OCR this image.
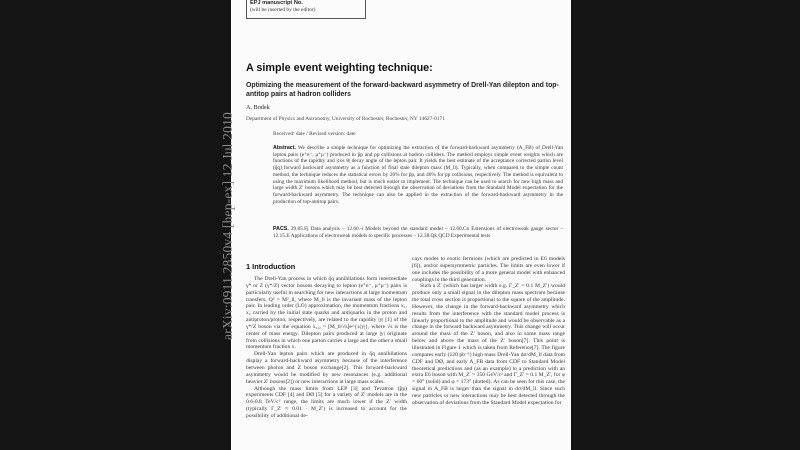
EPJ manuscript No.
(will be inserted by the editor)
A simple event weighting technique:
Optimizing the measurement of the forward-backward asymmetry of Drell-Yan dilepton and top-antitop pairs at hadron colliders
A. Bodek
Department of Physics and Astronomy, University of Rochester, Rochester, NY 14627-0171
Received: date / Revised version: date
Abstract. We describe a simple technique for optimizing the extraction of the forward-backward asymmetry (A_FB) of Drell-Yan lepton pairs (e⁺e⁻, μ⁺μ⁻) produced in p̄p and pp collisions at hadron colliders. The method employs simple event weights which are functions of the rapidity and |cos θ| decay angle of the lepton pair. It yields the best estimate of the acceptance corrected parton level (q̄q) forward backward asymmetry as a function of final state dilepton mass (M_ll). Typically, when compared to the simple count method, the technique reduces the statistical errors by 20% for p̄p, and 40% for pp collisions, respectively. The method is equivalent to using the maximum likelihood method, but is much easier to implement. The technique can be used to search for new high mass and large width Z′ bosons which may be best detected through the observation of deviations from the Standard Model expectation for the forward-backward asymmetry. The technique can also be applied in the extraction of the forward-backward asymmetry in the production of top-antitop pairs.
PACS. 29.85.Fj Data analysis – 12.60.-i Models beyond the standard model – 12.60.Cn Extensions of electroweak gauge sector – 12.15.Ji Applications of electroweak models to specific processes – 12.38.Qk QCD Experimental tests
1 Introduction

The Drell-Yan process in which q̄q annihilations form intermediate γ* or Z (γ*/Z) vector bosons decaying to lepton (e⁺e⁻, μ⁺μ⁻) pairs is particularly useful in searching for new interactions at large momentum transfers, Q² = M²_ll, where M_ll is the invariant mass of the lepton pair. In leading order (LO) approximation, the momentum fractions x₁, x₂ carried by the initial state quarks and antiquarks in the proton and antiproton/proton, respectively, are related to the rapidity |y| [1] of the γ*/Z boson via the equation x₁,₂ = [M_ll/√s]e^{±|y|}, where √s is the center of mass energy. Dilepton pairs produced at large |y| originate from collisions in which one parton carries a large and the other a small momentum fraction x.

Drell-Yan lepton pairs which are produced in q̄q annihilations display a forward-backward asymmetry because of the interference between photon and Z boson exchange[2]. This forward-backward asymmetry would be modified by new resonances (e.g. additional heavier Z′ bosons[2]) or new interactions at large mass scales.

Although the mass limits from LEP [3] and Tevatron (p̄p) experiments CDF [4] and DØ [5] for a variety of Z′ models are in the 0.6-0.8 TeV/c² range, the limits are much lower if the Z′ width (typically Γ_Z′ ≈ 0.01 · M_Z′) is increased to account for the possibility of additional de-

cays modes to exotic fermions (which are predicted in E6 models [6]), and/or supersymmetric particles. The limits are even lower if one includes the possibility of a more general model with enhanced couplings to the third generation.

Such a Z′ (which has larger width e.g. Γ_Z′ = 0.1 M_Z′) would produce only a small signal in the dilepton mass spectrum because the total cross section is proportional to the square of the amplitude. However, the change in the forward-backward asymmetry which results from the interference with the standard model process is linearly proportional to the amplitude and would be observable as a change in the forward backward asymmetry. This change will occur around the mass of the Z′ boson, and also in some mass range below and above the mass of the Z′ boson[7]. This point is illustrated in Figure 1 which is taken from Reference[7]. The figure compares early (120 pb⁻¹) high mass Drell-Yan dσ/dM_ll data from CDF and DØ, and early A_FB data from CDF to Standard Model theoretical predictions and (as an example) to a prediction with an extra E6 boson with M_Z′ = 350 GeV/c² and Γ_Z′ = 0.1 M_Z′, for φ = 60° (solid) and φ = 173° (dotted). As can be seen for this case, the signal in A_FB is larger than the signal in dσ/dM_ll. Since such new particles or new interactions may be best detected through the observation of deviations from the Standard Model expectation for

arXiv:0911.2850v4 [hep-ex] 12 Jul 2010
